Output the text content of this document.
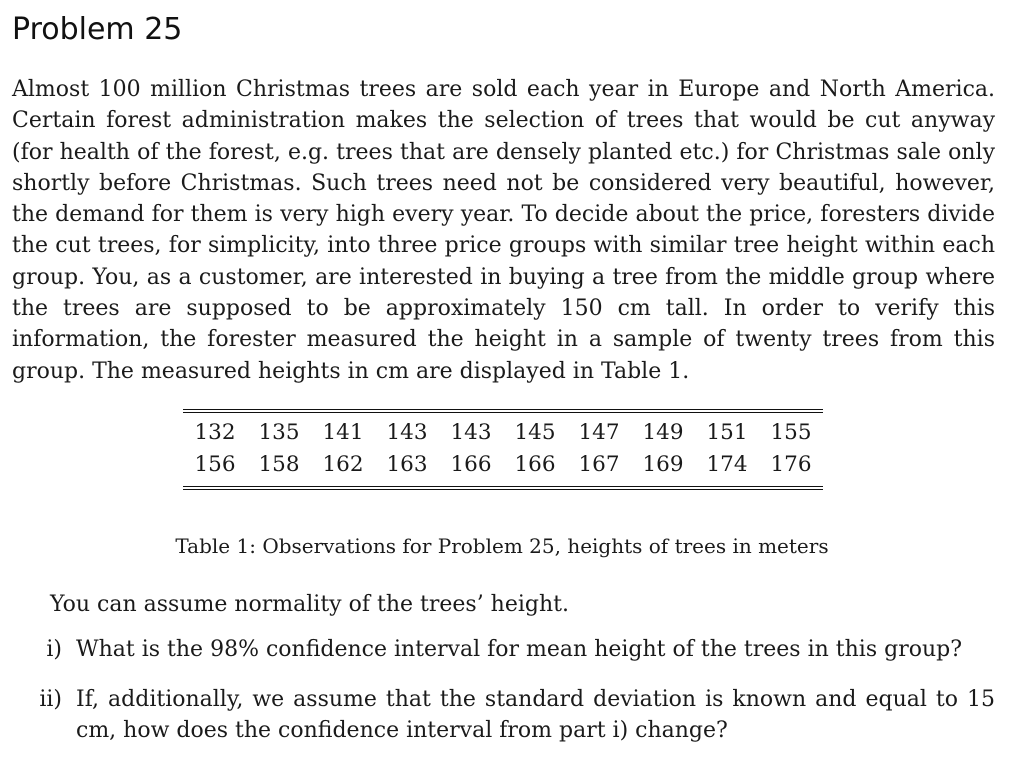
Problem 25

Almost 100 million Christmas trees are sold each year in Europe and North America. Certain forest administration makes the selection of trees that would be cut anyway (for health of the forest, e.g. trees that are densely planted etc.) for Christmas sale only shortly before Christmas. Such trees need not be considered very beautiful, however, the demand for them is very high every year. To decide about the price, foresters divide the cut trees, for simplicity, into three price groups with similar tree height within each group. You, as a customer, are interested in buying a tree from the middle group where the trees are supposed to be approximately 150 cm tall. In order to verify this information, the forester measured the height in a sample of twenty trees from this group. The measured heights in cm are displayed in Table 1.

132	135	141	143	143	145	147	149	151	155
156	158	162	163	166	166	167	169	174	176

Table 1: Observations for Problem 25, heights of trees in meters

You can assume normality of the trees’ height.

i) What is the 98% confidence interval for mean height of the trees in this group?
ii) If, additionally, we assume that the standard deviation is known and equal to 15 cm, how does the confidence interval from part i) change?
